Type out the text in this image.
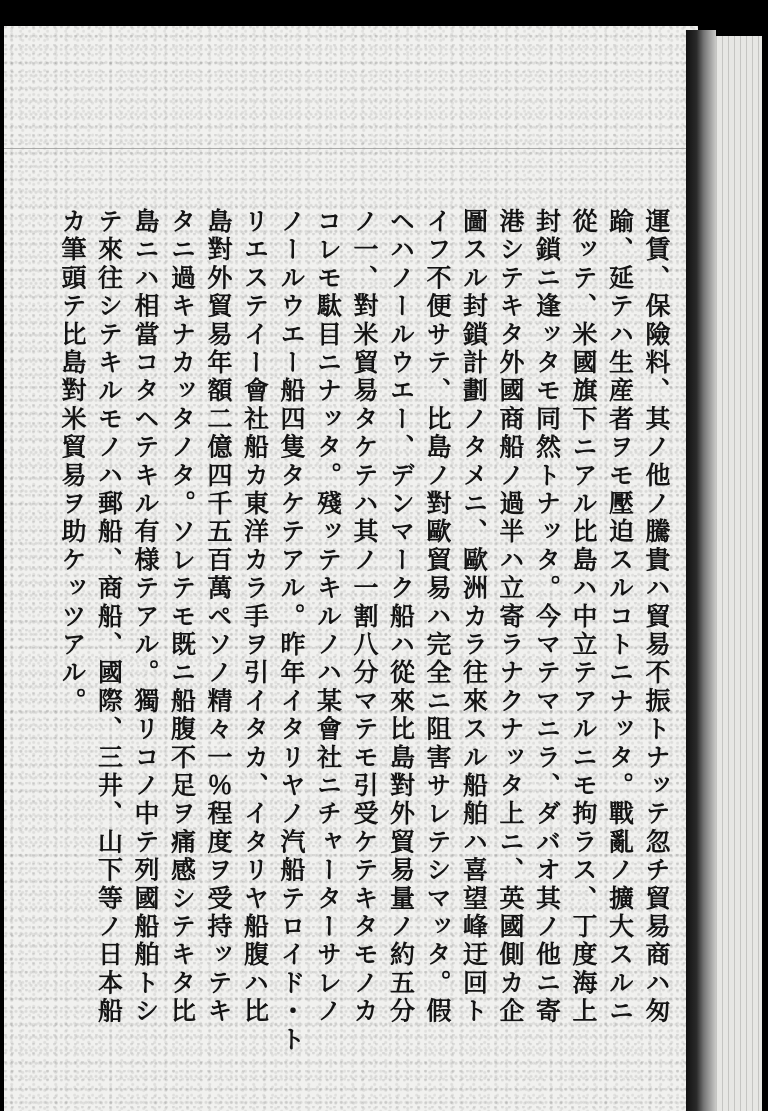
運賃、保險料、其ノ他ノ騰貴ハ貿易不振トナッテ忽チ貿易商ハ匆
踰、延テハ生産者ヲモ壓迫スルコトニナッタ。戰亂ノ擴大スルニ
從ッテ、米國旗下ニアル比島ハ中立テアルニモ拘ラス、丁度海上
封鎖ニ逢ッタモ同然トナッタ。今マテマニラ、ダバオ其ノ他ニ寄
港シテキタ外國商船ノ過半ハ立寄ラナクナッタ上ニ、英國側カ企
圖スル封鎖計劃ノタメニ、歐洲カラ往來スル船舶ハ喜望峰迂回ト
イフ不便サテ、比島ノ對歐貿易ハ完全ニ阻害サレテシマッタ。假
ヘハノールウエー、デンマーク船ハ從來比島對外貿易量ノ約五分
ノ一、對米貿易タケテハ其ノ一割八分マテモ引受ケテキタモノカ
コレモ駄目ニナッタ。殘ッテキルノハ某會社ニチャーターサレノ
ノールウエー船四隻タケテアル。昨年イタリヤノ汽船テロイド・ト
リエステイー會社船カ東洋カラ手ヲ引イタカ、イタリヤ船腹ハ比
島對外貿易年額二億四千五百萬ペソノ精々一％程度ヲ受持ッテキ
タニ過キナカッタノタ。ソレテモ既ニ船腹不足ヲ痛感シテキタ比
島ニハ相當コタヘテキル有様テアル。獨リコノ中テ列國船舶トシ
テ來往シテキルモノハ郵船、商船、國際、三井、山下等ノ日本船
カ筆頭テ比島對米貿易ヲ助ケッツアル。
